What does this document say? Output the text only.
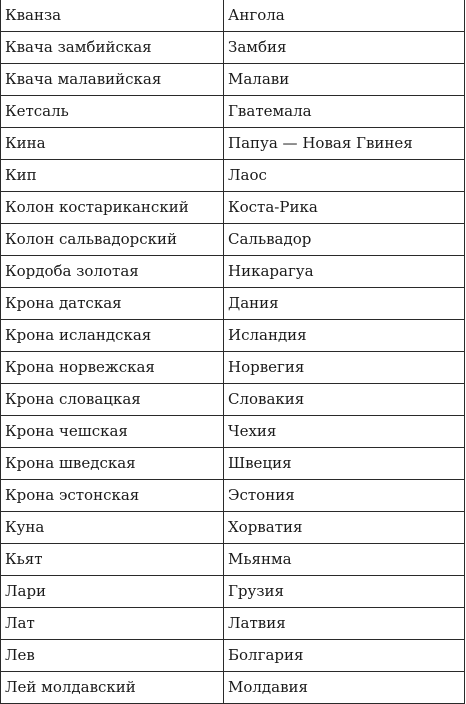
Кванза	Ангола
Квача замбийская	Замбия
Квача малавийская	Малави
Кетсаль	Гватемала
Кина	Папуа — Новая Гвинея
Кип	Лаос
Колон костариканский	Коста-Рика
Колон сальвадорский	Сальвадор
Кордоба золотая	Никарагуа
Крона датская	Дания
Крона исландская	Исландия
Крона норвежская	Норвегия
Крона словацкая	Словакия
Крона чешская	Чехия
Крона шведская	Швеция
Крона эстонская	Эстония
Куна	Хорватия
Кьят	Мьянма
Лари	Грузия
Лат	Латвия
Лев	Болгария
Лей молдавский	Молдавия
